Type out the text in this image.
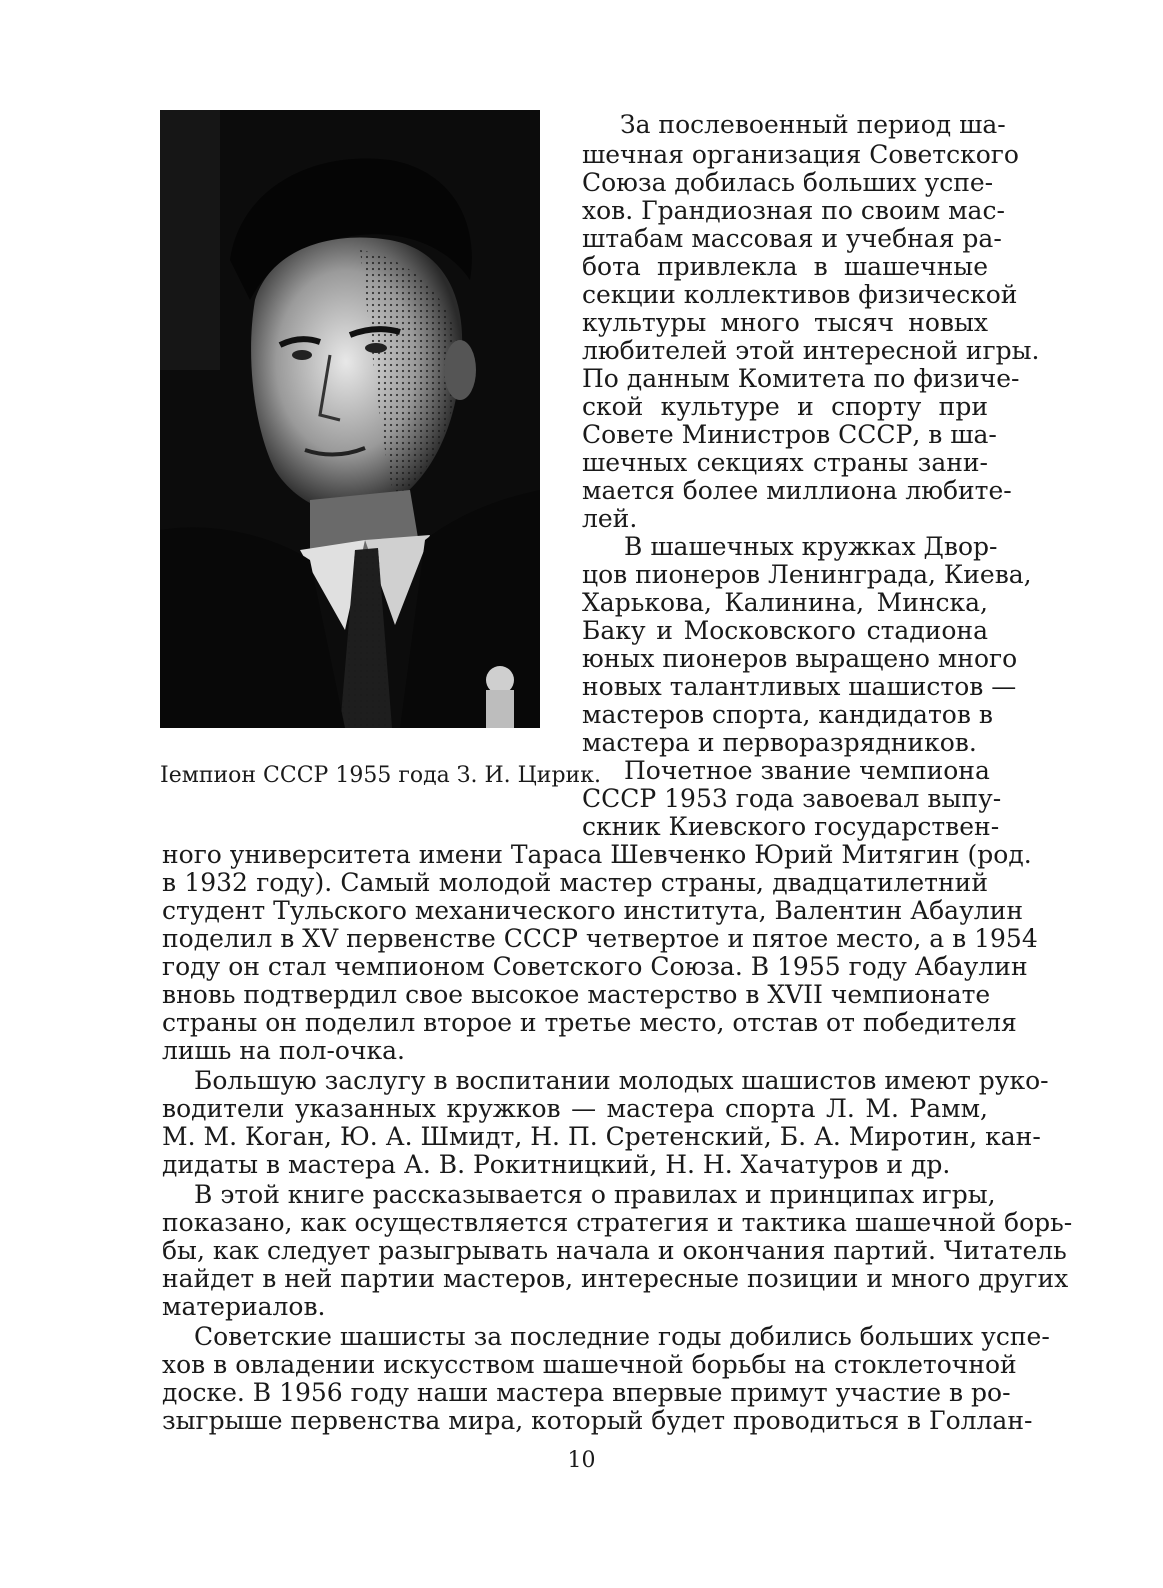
Iемпион СССР 1955 гoда З. И. Цирик.
За послевоенный период ша-
шечная организация Советского
Союза добилась больших успе-
хов. Грандиозная по своим мас-
штабам массовая и учебная ра-
бота привлекла в шашечные
секции коллективов физической
культуры много тысяч новых
любителей этой интересной игры.
По данным Комитета по физиче-
ской культуре и спорту при
Совете Министров СССР, в ша-
шечных секциях страны зани-
мается более миллиона любите-
лей.
В шашечных кружках Двор-
цов пионеров Ленинграда, Киева,
Харькова, Калинина, Минска,
Баку и Московского стадиона
юных пионеров выращено много
новых талантливых шашистов —
мастеров спорта, кандидатов в
мастера и перворазрядников.
Почетное звание чемпиона
СССР 1953 года завоевал выпу-
скник Киевского государствен-
ного университета имени Тараса Шевченко Юрий Митягин (род.
в 1932 году). Самый молодой мастер страны, двадцатилетний
студент Тульского механического института, Валентин Абаулин
поделил в XV первенстве СССР четвертое и пятое место, а в 1954
году он стал чемпионом Советского Союза. В 1955 году Абаулин
вновь подтвердил свое высокое мастерство в XVII чемпионате
страны он поделил второе и третье место, отстав от победителя
лишь на пол-очка.
Большую заслугу в воспитании молодых шашистов имеют руко-
водители указанных кружков — мастера спорта Л. М. Рамм,
М. М. Коган, Ю. А. Шмидт, Н. П. Сретенский, Б. А. Миротин, кан-
дидаты в мастера А. В. Рокитницкий, Н. Н. Хачатуров и др.
В этой книге рассказывается о правилах и принципах игры,
показано, как осуществляется стратегия и тактика шашечной борь-
бы, как следует разыгрывать начала и окончания партий. Читатель
найдет в ней партии мастеров, интересные позиции и много других
материалов.
Советские шашисты за последние годы добились больших успе-
хов в овладении искусством шашечной борьбы на стоклеточной
доске. В 1956 году наши мастера впервые примут участие в ро-
зыгрыше первенства мира, который будет проводиться в Голлан-
10
